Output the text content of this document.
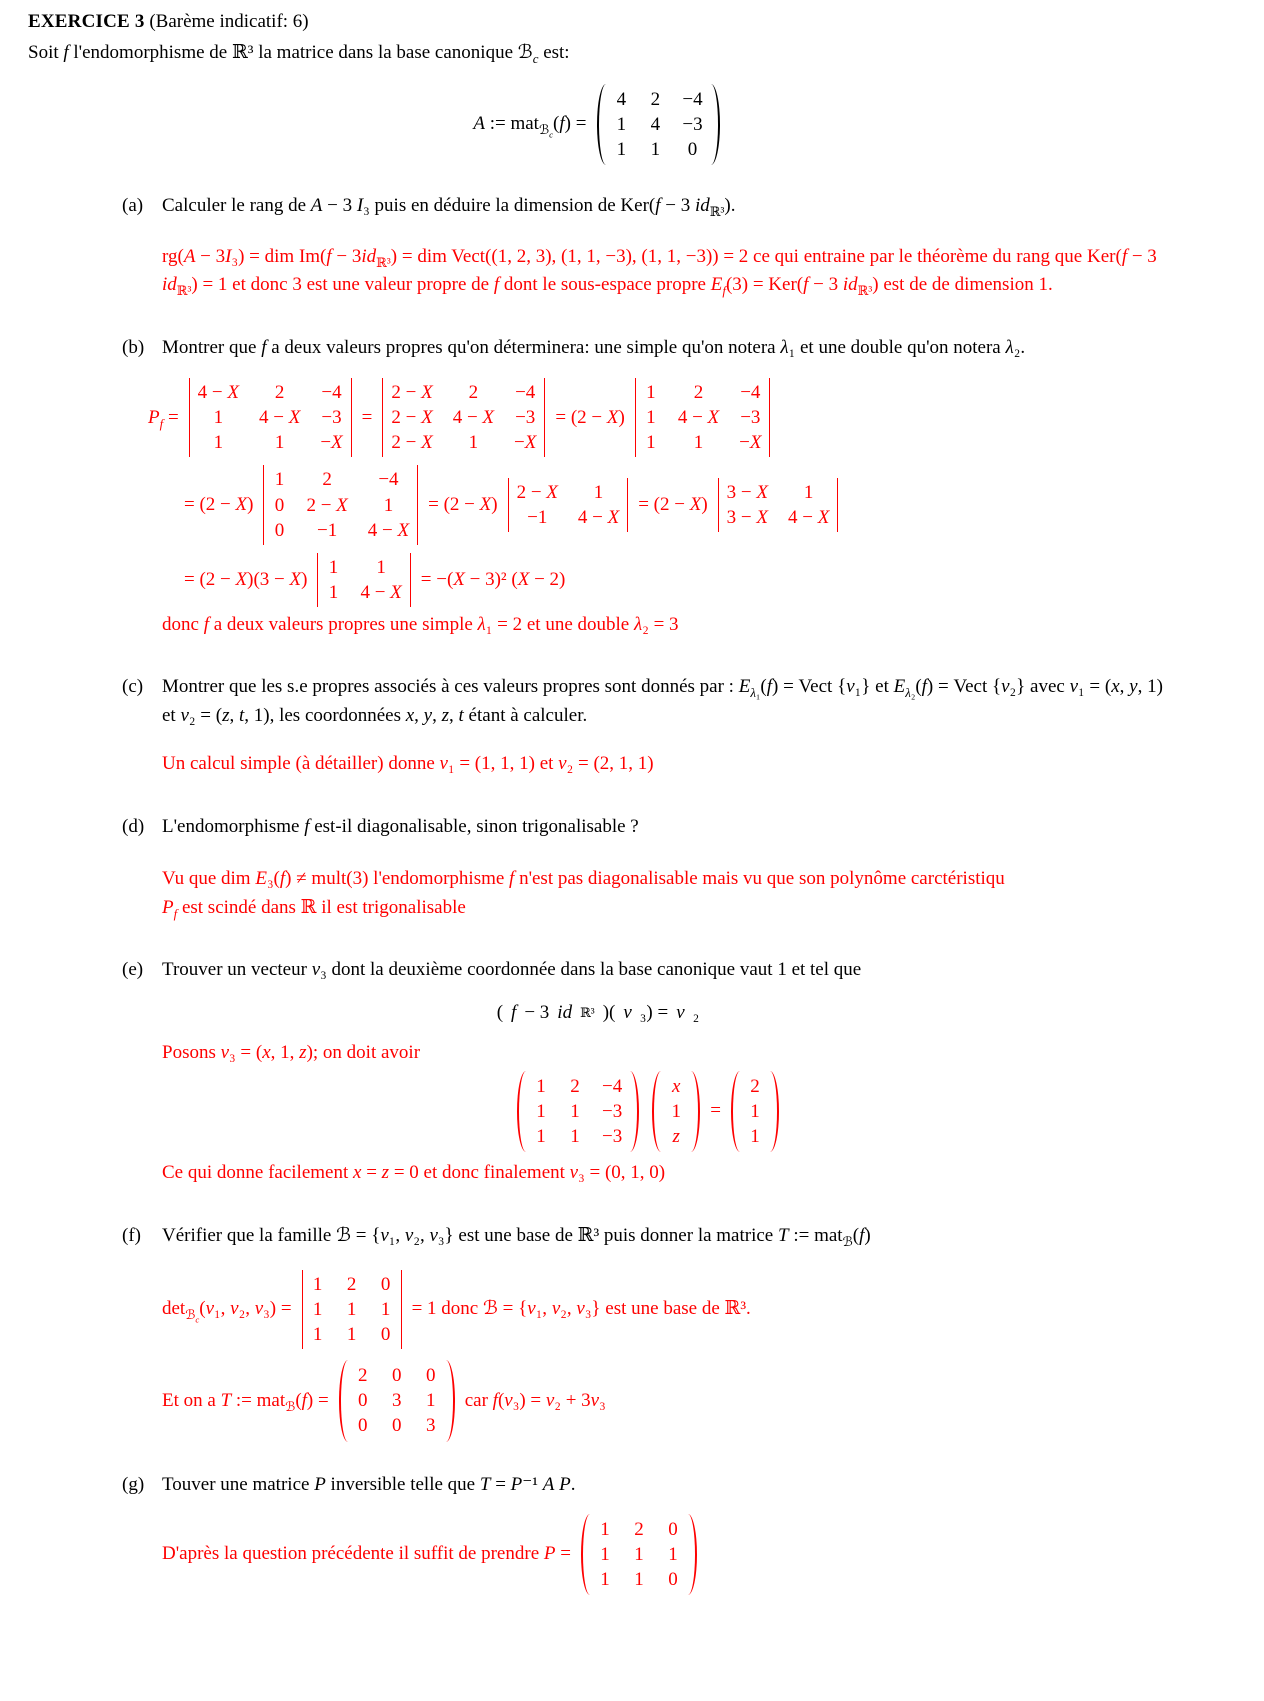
EXERCICE 3 (Barème indicatif: 6)
Soit f l'endomorphisme de ℝ³ la matrice dans la base canonique ℬ$_c$ est:
A := mat$_{ℬ_c}$(f) =
4 2 −4
1 4 −3
1 1 0
(a) Calculer le rang de A − 3 I₃ puis en déduire la dimension de Ker(f − 3 $id_{ℝ^3}$).
rg(A − 3I₃) = dim $Im(f - 3id_{ℝ^3})$ = dim Vect((1, 2, 3), (1, 1, −3), (1, 1, −3)) = 2 ce qui entraine par le théorème du rang que Ker(f − 3 $id_{ℝ^3}) = 1$ et donc 3 est une valeur propre de f dont le sous-espace propre $E_f(3) = Ker(f - 3$ $id_{ℝ^3}$) est de de dimension 1.
(b) Montrer que f a deux valeurs propres qu'on déterminera: une simple qu'on notera λ₁ et une double qu'on notera λ₂.
$P_f$ =
4 − X 2 −4
1 4 − X −3
1	1 −X
=
2 − X 2 −4
2 − X 4 − X −3
2 − X 1 −X
= (2 − X)
1 2 −4
1 4 − X −3
1 1 −X
= (2 − X)
1 2 −4
0 2 − X 1
0 −1 4 − X
= (2 − X)
2 − X 1
−1 4 − X
= (2 − X)
3 − X 1
3 − X 4 − X
= (2 − X)(3 − X)
1 1
1 4 − X
= −(X − 3)² (X − 2)
donc f a deux valeurs propres une simple λ₁ = 2 et une double λ₂ = 3
(c) Montrer que les s.e propres associés à ces valeurs propres sont donnés par : $E_{\lambda_1}(f)$ = Vect {v₁} et $E_{\lambda_2}(f)$ = Vect {v₂} avec v₁ = (x, y, 1) et v₂ = (z, t, 1), les coordonnées x, y, z, t étant à calculer.
Un calcul simple (à détailler) donne v₁ = (1, 1, 1) et v₂ = (2, 1, 1)
(d) L'endomorphisme f est-il diagonalisable, sinon trigonalisable ?
Vu que dim E₃(f) ≠ mult(3) l'endomorphisme f n'est pas diagonalisable mais vu que son polynôme carctéristiqu
$P_f$ est scindé dans ℝ il est trigonalisable
(e) Trouver un vecteur v₃ dont la deuxième coordonnée dans la base canonique vaut 1 et tel que
( f − 3 id ℝ³ )( v ₃) = v ₂
Posons v₃ = (x, 1, z); on doit avoir
1 2 −4
1 1 −3
1 1 −3
x
1
z
=
2
1
1
Ce qui donne facilement x = z = 0 et donc finalement v₃ = (0, 1, 0)
(f)	Vérifier que la famille ℬ = {v₁, v₂, v₃} est une base de ℝ³ puis donner la matrice T := mat$_ℬ$(f)
$\det_{ℬ_c}(v_1$, v₂, v₃) =
1 2 0
1 1 1
1 1 0
= 1 donc ℬ = {v₁, v₂, v₃} est une base de ℝ³.
Et on a T := mat$_ℬ$(f) =
2 0 0
0 3 1
0 0 3
car f(v₃) = v₂ + 3v₃
(g) Touver une matrice P inversible telle que T = P⁻¹ A P.
D'après la question précédente il suffit de prendre P =
1 2 0
1 1 1
1 1 0
